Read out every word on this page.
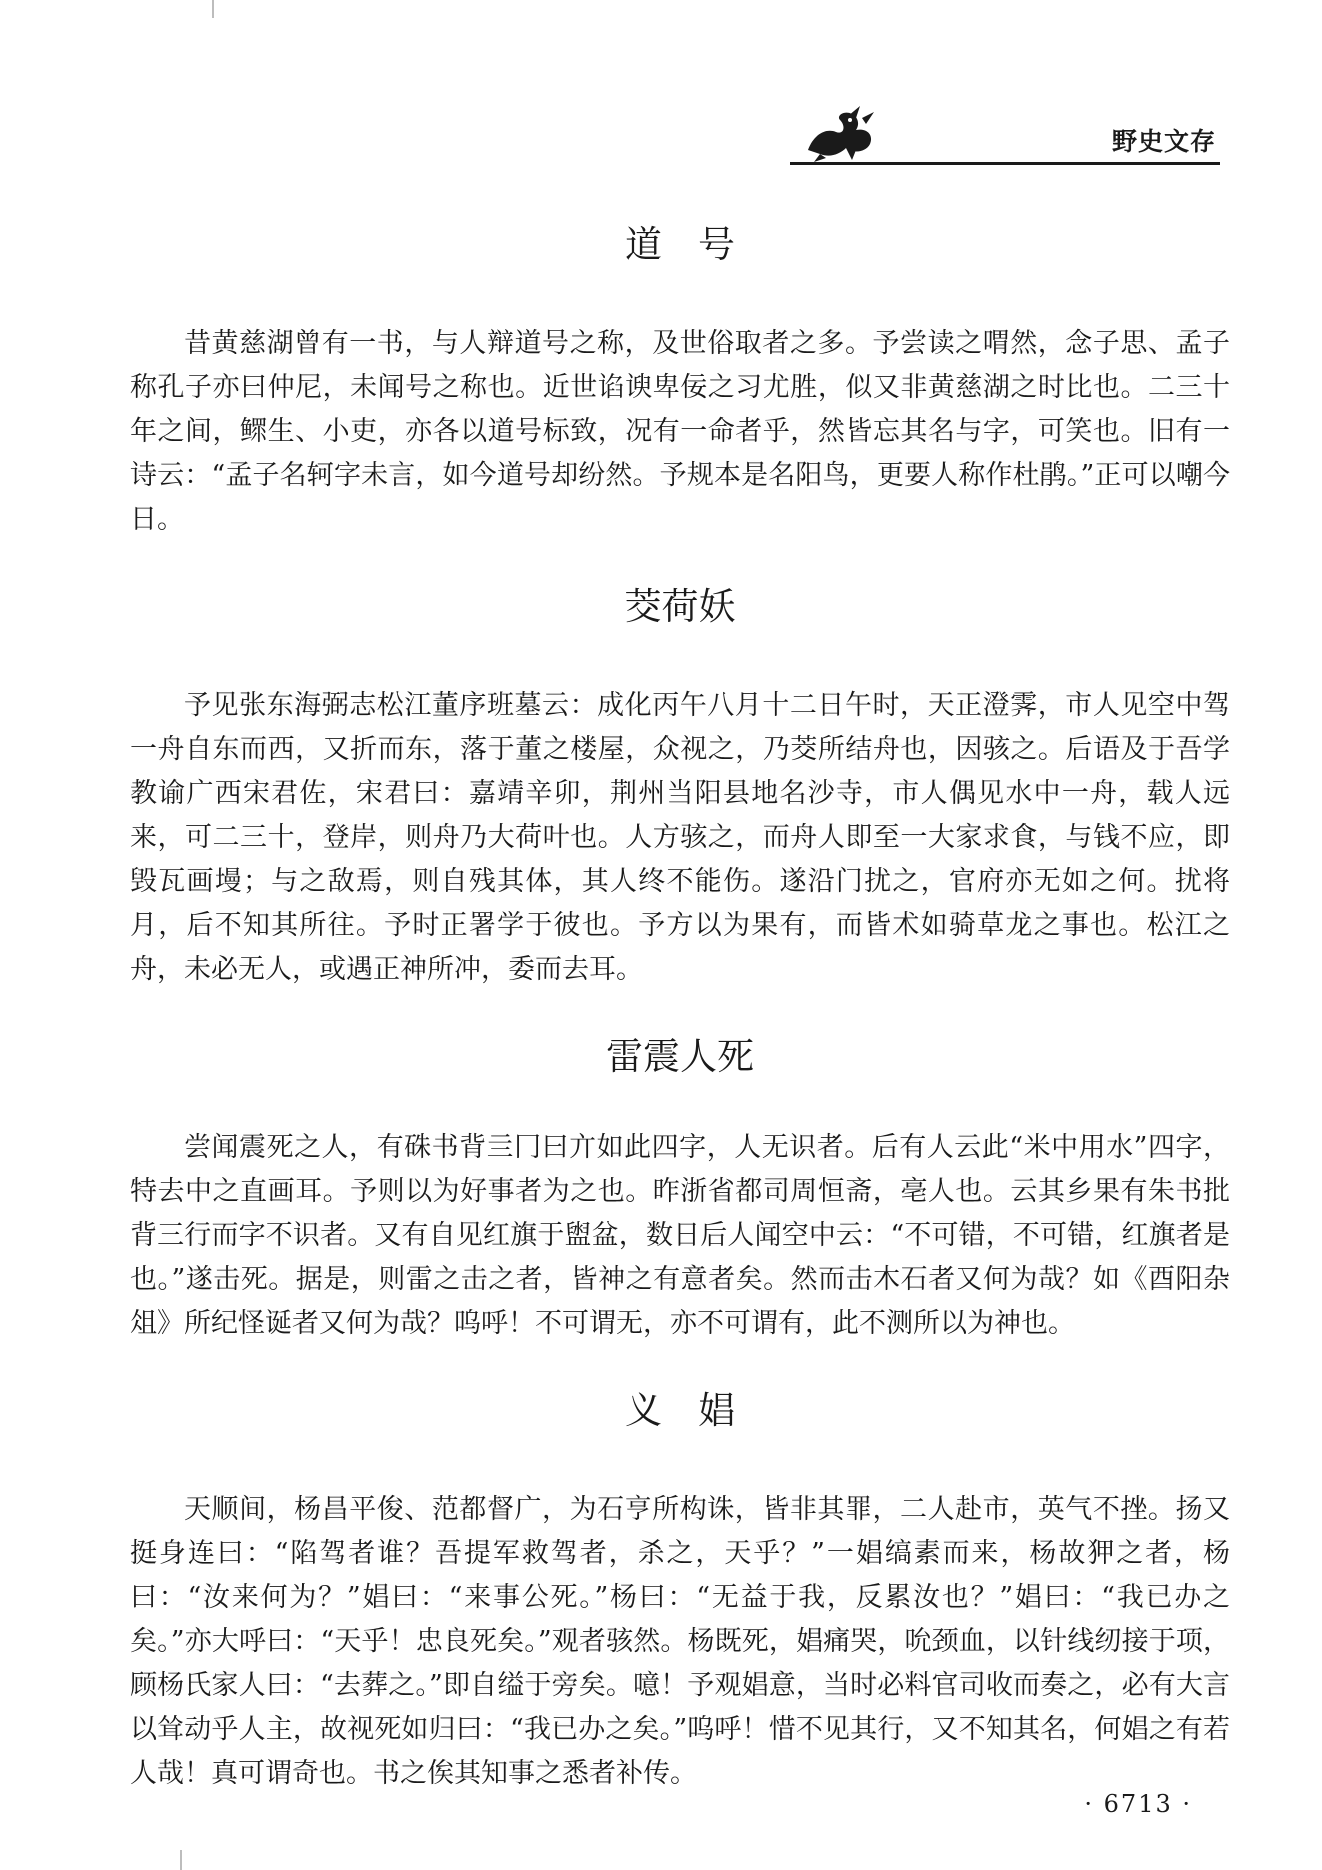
野史文存
道号

昔黄慈湖曾有一书，与人辩道号之称，及世俗取者之多。予尝读之喟然，念子思、孟子称孔子亦曰仲尼，未闻号之称也。近世谄谀卑佞之习尤胜，似又非黄慈湖之时比也。二三十年之间，鳏生、小吏，亦各以道号标致，况有一命者乎，然皆忘其名与字，可笑也。旧有一诗云：“孟子名轲字未言，如今道号却纷然。予规本是名阳鸟，更要人称作杜鹃。”正可以嘲今日。

茭荷妖

予见张东海弼志松江董序班墓云：成化丙午八月十二日午时，天正澄霁，市人见空中驾一舟自东而西，又折而东，落于董之楼屋，众视之，乃茭所结舟也，因骇之。后语及于吾学教谕广西宋君佐，宋君曰：嘉靖辛卯，荆州当阳县地名沙寺，市人偶见水中一舟，载人远来，可二三十，登岸，则舟乃大荷叶也。人方骇之，而舟人即至一大家求食，与钱不应，即毁瓦画墁；与之敌焉，则自残其体，其人终不能伤。遂沿门扰之，官府亦无如之何。扰将月，后不知其所往。予时正署学于彼也。予方以为果有，而皆术如骑草龙之事也。松江之舟，未必无人，或遇正神所冲，委而去耳。

雷震人死

尝闻震死之人，有硃书背亖冂曰亣如此四字，人无识者。后有人云此“米中用水”四字，特去中之直画耳。予则以为好事者为之也。昨浙省都司周恒斋，亳人也。云其乡果有朱书批背三行而字不识者。又有自见红旗于盥盆，数日后人闻空中云：“不可错，不可错，红旗者是也。”遂击死。据是，则雷之击之者，皆神之有意者矣。然而击木石者又何为哉？如《酉阳杂俎》所纪怪诞者又何为哉？呜呼！不可谓无，亦不可谓有，此不测所以为神也。

义娼

天顺间，杨昌平俊、范都督广，为石亨所构诛，皆非其罪，二人赴市，英气不挫。扬又挺身连曰：“陷驾者谁？吾提军救驾者，杀之，天乎？”一娼缟素而来，杨故狎之者，杨曰：“汝来何为？”娼曰：“来事公死。”杨曰：“无益于我，反累汝也？”娼曰：“我已办之矣。”亦大呼曰：“天乎！忠良死矣。”观者骇然。杨既死，娼痛哭，吮颈血，以针线纫接于项，顾杨氏家人曰：“去葬之。”即自缢于旁矣。噫！予观娼意，当时必料官司收而奏之，必有大言以耸动乎人主，故视死如归曰：“我已办之矣。”呜呼！惜不见其行，又不知其名，何娼之有若人哉！真可谓奇也。书之俟其知事之悉者补传。

· 6713 ·
